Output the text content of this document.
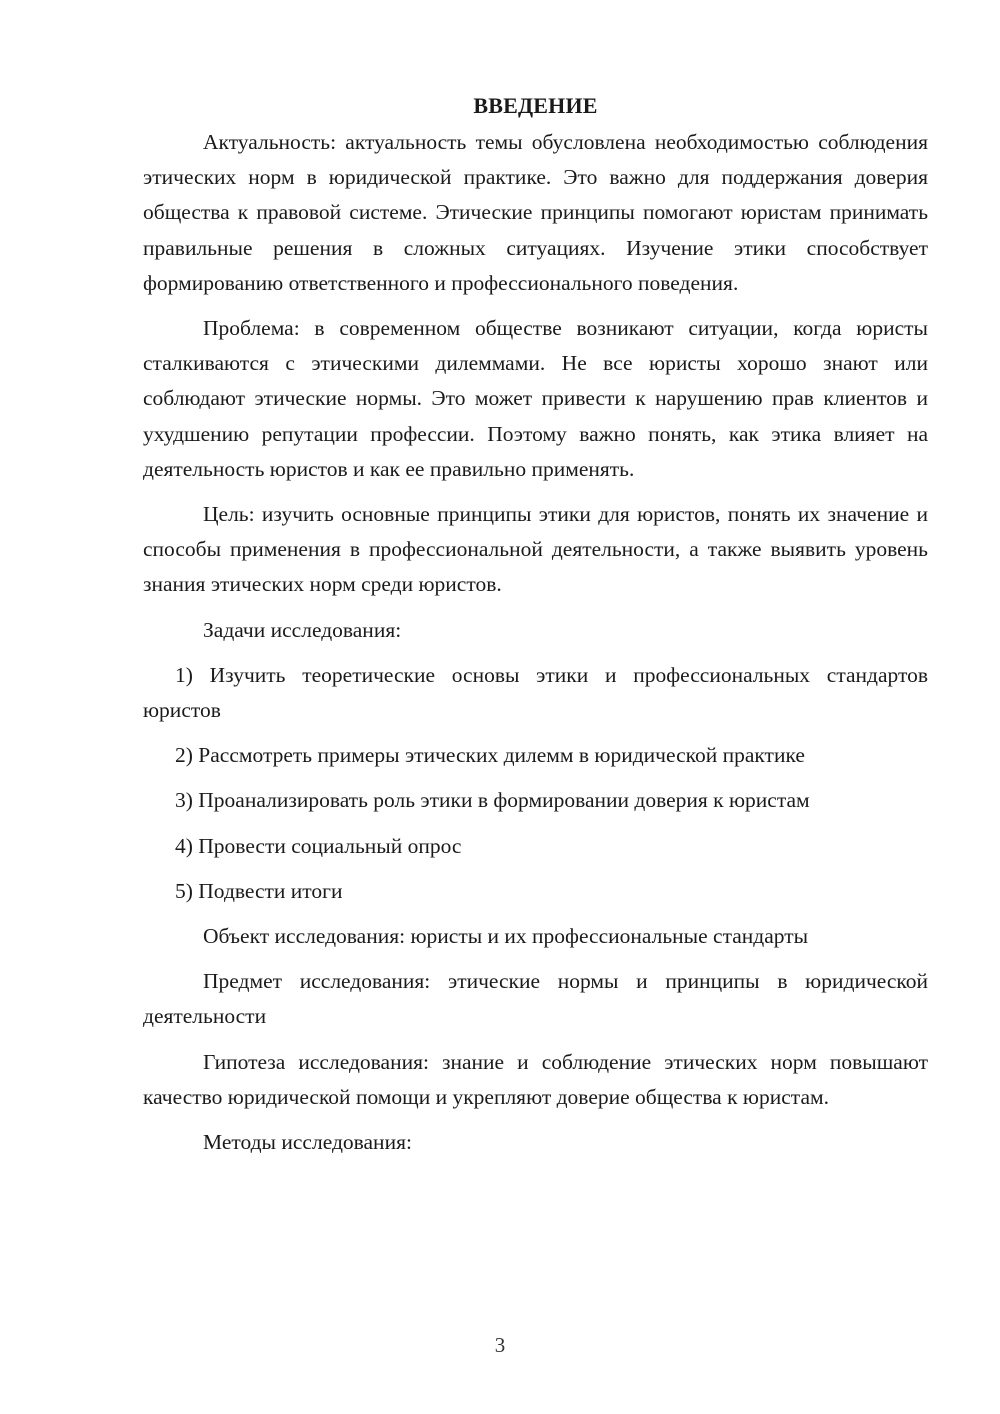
ВВЕДЕНИЕ

Актуальность: актуальность темы обусловлена необходимостью соблюдения этических норм в юридической практике. Это важно для поддержания доверия общества к правовой системе. Этические принципы помогают юристам принимать правильные решения в сложных ситуациях. Изучение этики способствует формированию ответственного и профессионального поведения.

Проблема: в современном обществе возникают ситуации, когда юристы сталкиваются с этическими дилеммами. Не все юристы хорошо знают или соблюдают этические нормы. Это может привести к нарушению прав клиентов и ухудшению репутации профессии. Поэтому важно понять, как этика влияет на деятельность юристов и как ее правильно применять.

Цель: изучить основные принципы этики для юристов, понять их значение и способы применения в профессиональной деятельности, а также выявить уровень знания этических норм среди юристов.

Задачи исследования:

1) Изучить теоретические основы этики и профессиональных стандартов юристов

2) Рассмотреть примеры этических дилемм в юридической практике

3) Проанализировать роль этики в формировании доверия к юристам

4) Провести социальный опрос

5) Подвести итоги

Объект исследования: юристы и их профессиональные стандарты

Предмет исследования: этические нормы и принципы в юридической деятельности

Гипотеза исследования: знание и соблюдение этических норм повышают качество юридической помощи и укрепляют доверие общества к юристам.

Методы исследования:

3
